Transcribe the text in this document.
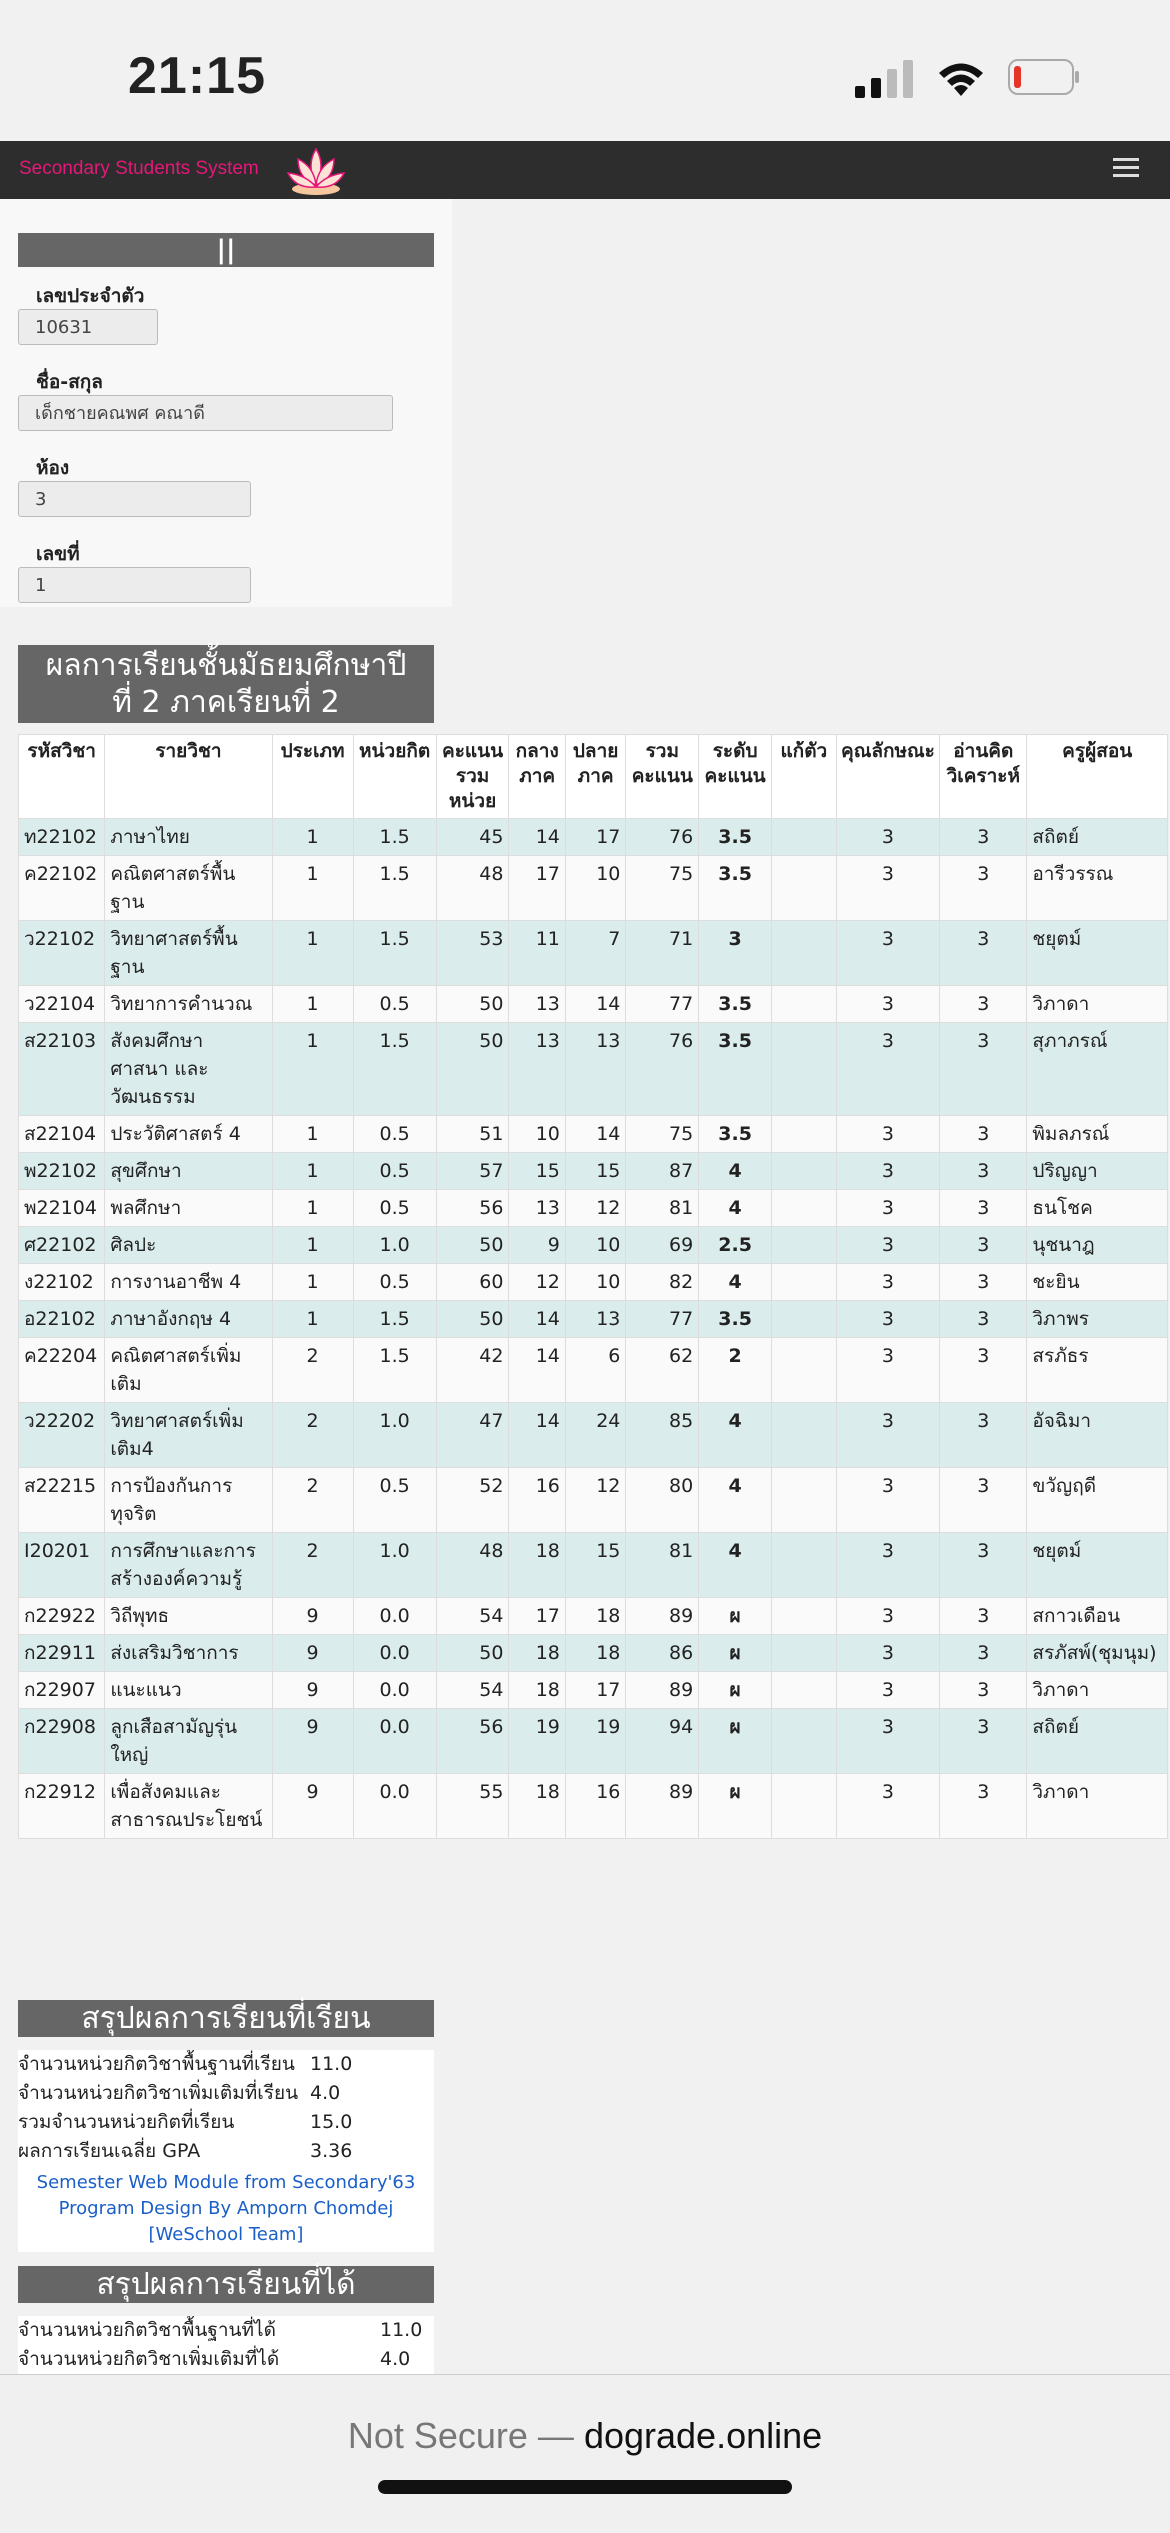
21:15
Secondary Students System
||
เลขประจำตัว
10631
ชื่อ-สกุล
เด็กชายคณพศ คณาดี
ห้อง
3
เลขที่
1
ผลการเรียนชั้นมัธยมศึกษาปี
ที่ 2 ภาคเรียนที่ 2
รหัสวิชา	รายวิชา	ประเภท	หน่วยกิต	คะแนนรวมหน่วย	กลางภาค	ปลายภาค	รวมคะแนน	ระดับคะแนน	แก้ตัว	คุณลักษณะ	อ่านคิดวิเคราะห์	ครูผู้สอน
ท22102	ภาษาไทย	1	1.5	45	14	17	76	3.5		3	3	สถิตย์
ค22102	คณิตศาสตร์พื้นฐาน	1	1.5	48	17	10	75	3.5		3	3	อารีวรรณ
ว22102	วิทยาศาสตร์พื้นฐาน	1	1.5	53	11	7	71	3		3	3	ชยุตม์
ว22104	วิทยาการคำนวณ	1	0.5	50	13	14	77	3.5		3	3	วิภาดา
ส22103	สังคมศึกษา ศาสนา และวัฒนธรรม	1	1.5	50	13	13	76	3.5		3	3	สุภาภรณ์
ส22104	ประวัติศาสตร์ 4	1	0.5	51	10	14	75	3.5		3	3	พิมลภรณ์
พ22102	สุขศึกษา	1	0.5	57	15	15	87	4		3	3	ปริญญา
พ22104	พลศึกษา	1	0.5	56	13	12	81	4		3	3	ธนโชค
ศ22102	ศิลปะ	1	1.0	50	9	10	69	2.5		3	3	นุชนาฎ
ง22102	การงานอาชีพ 4	1	0.5	60	12	10	82	4		3	3	ชะยิน
อ22102	ภาษาอังกฤษ 4	1	1.5	50	14	13	77	3.5		3	3	วิภาพร
ค22204	คณิตศาสตร์เพิ่มเติม	2	1.5	42	14	6	62	2		3	3	สรภัธร
ว22202	วิทยาศาสตร์เพิ่มเติม4	2	1.0	47	14	24	85	4		3	3	อัจฉิมา
ส22215	การป้องกันการทุจริต	2	0.5	52	16	12	80	4		3	3	ขวัญฤดี
I20201	การศึกษาและการสร้างองค์ความรู้	2	1.0	48	18	15	81	4		3	3	ชยุตม์
ก22922	วิถีพุทธ	9	0.0	54	17	18	89	ผ		3	3	สกาวเดือน
ก22911	ส่งเสริมวิชาการ	9	0.0	50	18	18	86	ผ		3	3	สรภัสพ์(ชุมนุม)
ก22907	แนะแนว	9	0.0	54	18	17	89	ผ		3	3	วิภาดา
ก22908	ลูกเสือสามัญรุ่นใหญ่	9	0.0	56	19	19	94	ผ		3	3	สถิตย์
ก22912	เพื่อสังคมและสาธารณประโยชน์	9	0.0	55	18	16	89	ผ		3	3	วิภาดา
สรุปผลการเรียนที่เรียน
จำนวนหน่วยกิตวิชาพื้นฐานที่เรียน 11.0
จำนวนหน่วยกิตวิชาเพิ่มเติมที่เรียน 4.0
รวมจำนวนหน่วยกิตที่เรียน	15.0
ผลการเรียนเฉลี่ย GPA	3.36
Semester Web Module from Secondary'63 Program Design By Amporn Chomdej [WeSchool Team]
สรุปผลการเรียนที่ได้
จำนวนหน่วยกิตวิชาพื้นฐานที่ได้	11.0
จำนวนหน่วยกิตวิชาเพิ่มเติมที่ได้	4.0
Not Secure — dograde.online
